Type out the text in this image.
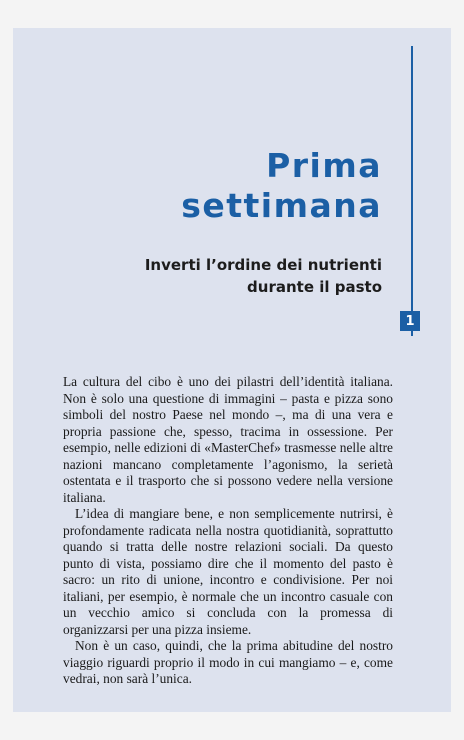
1
Prima
settimana
Inverti l’ordine dei nutrienti
durante il pasto

La cultura del cibo è uno dei pilastri dell’identità italiana. Non è solo una questione di immagini – pasta e pizza sono simboli del nostro Paese nel mondo –, ma di una vera e propria passione che, spesso, tracima in ossessione. Per esempio, nelle edizioni di «MasterChef» trasmesse nelle altre nazioni mancano completamente l’agonismo, la serietà ostentata e il trasporto che si possono vedere nella versione italiana.

L’idea di mangiare bene, e non semplicemente nutrirsi, è profondamente radicata nella nostra quotidianità, soprattutto quando si tratta delle nostre relazioni sociali. Da questo punto di vista, possiamo dire che il momento del pasto è sacro: un rito di unione, incontro e condivisione. Per noi italiani, per esempio, è normale che un incontro casuale con un vecchio amico si concluda con la promessa di organizzarsi per una pizza insieme.

Non è un caso, quindi, che la prima abitudine del nostro viaggio riguardi proprio il modo in cui mangiamo – e, come vedrai, non sarà l’unica.
